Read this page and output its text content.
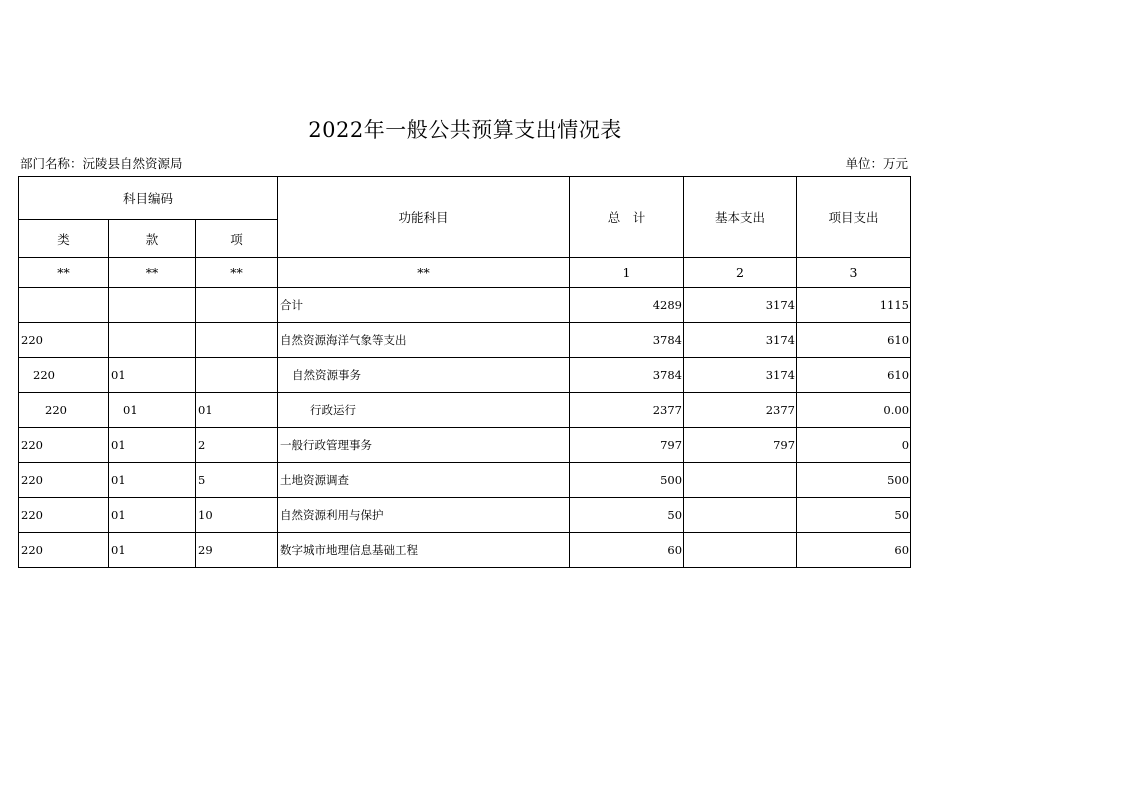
2022年一般公共预算支出情况表
部门名称：沅陵县自然资源局	单位：万元
科目编码			功能科目	总　计	基本支出	项目支出
类	款	项				
**	**	**	**	1	2	3
			合计	4289	3174	1115
220			自然资源海洋气象等支出	3784	3174	610
220	01		自然资源事务	3784	3174	610
220	01	01	行政运行	2377	2377	0.00
220	01	2	一般行政管理事务	797	797	0
220	01	5	土地资源调查	500		500
220	01	10	自然资源利用与保护	50		50
220	01	29	数字城市地理信息基础工程	60		60
